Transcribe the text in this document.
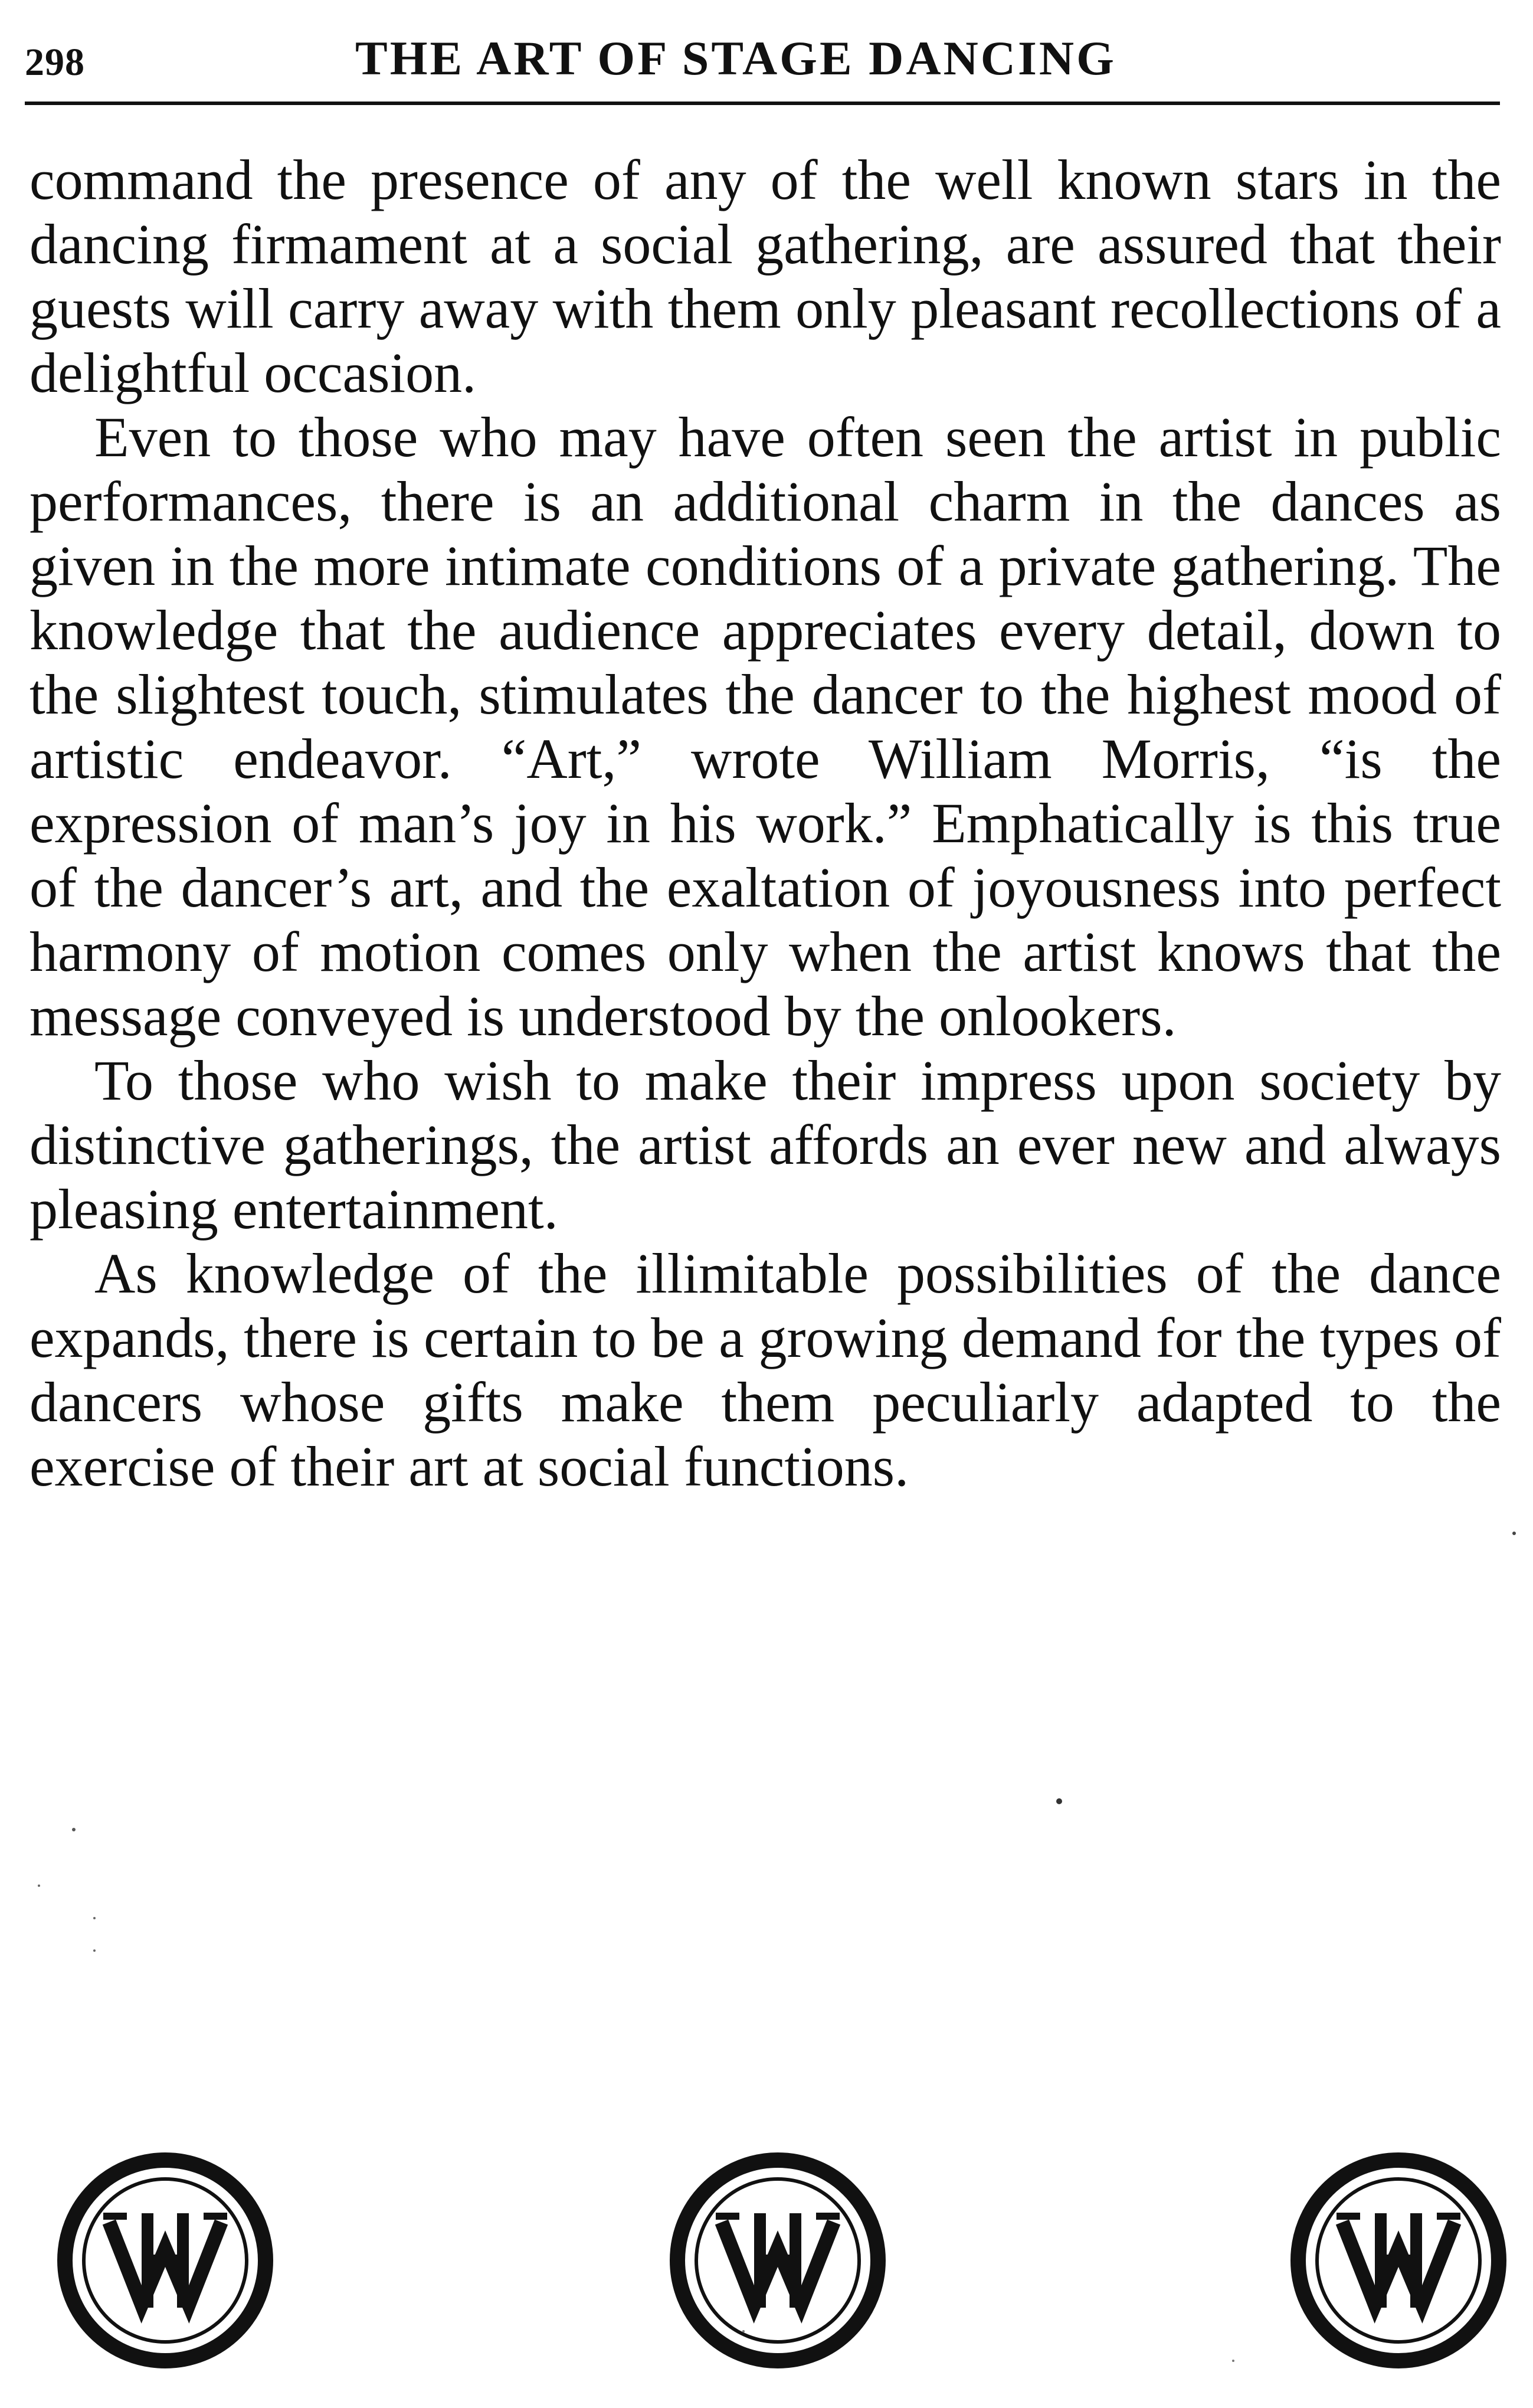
298	THE ART OF STAGE DANCING

command the presence of any of the well known stars in the dancing firmament at a social gathering, are assured that their guests will carry away with them only pleasant recollections of a delightful occasion.

Even to those who may have often seen the artist in public performances, there is an additional charm in the dances as given in the more intimate conditions of a private gathering. The knowledge that the audience appreciates every detail, down to the slightest touch, stimulates the dancer to the highest mood of artistic endeavor. “Art,” wrote William Morris, “is the expression of man’s joy in his work.” Emphatically is this true of the dancer’s art, and the exaltation of joyousness into perfect harmony of motion comes only when the artist knows that the message conveyed is understood by the onlookers.

To those who wish to make their impress upon society by distinctive gatherings, the artist affords an ever new and always pleasing entertainment.

As knowledge of the illimitable possibilities of the dance expands, there is certain to be a growing demand for the types of dancers whose gifts make them peculiarly adapted to the exercise of their art at social functions.
